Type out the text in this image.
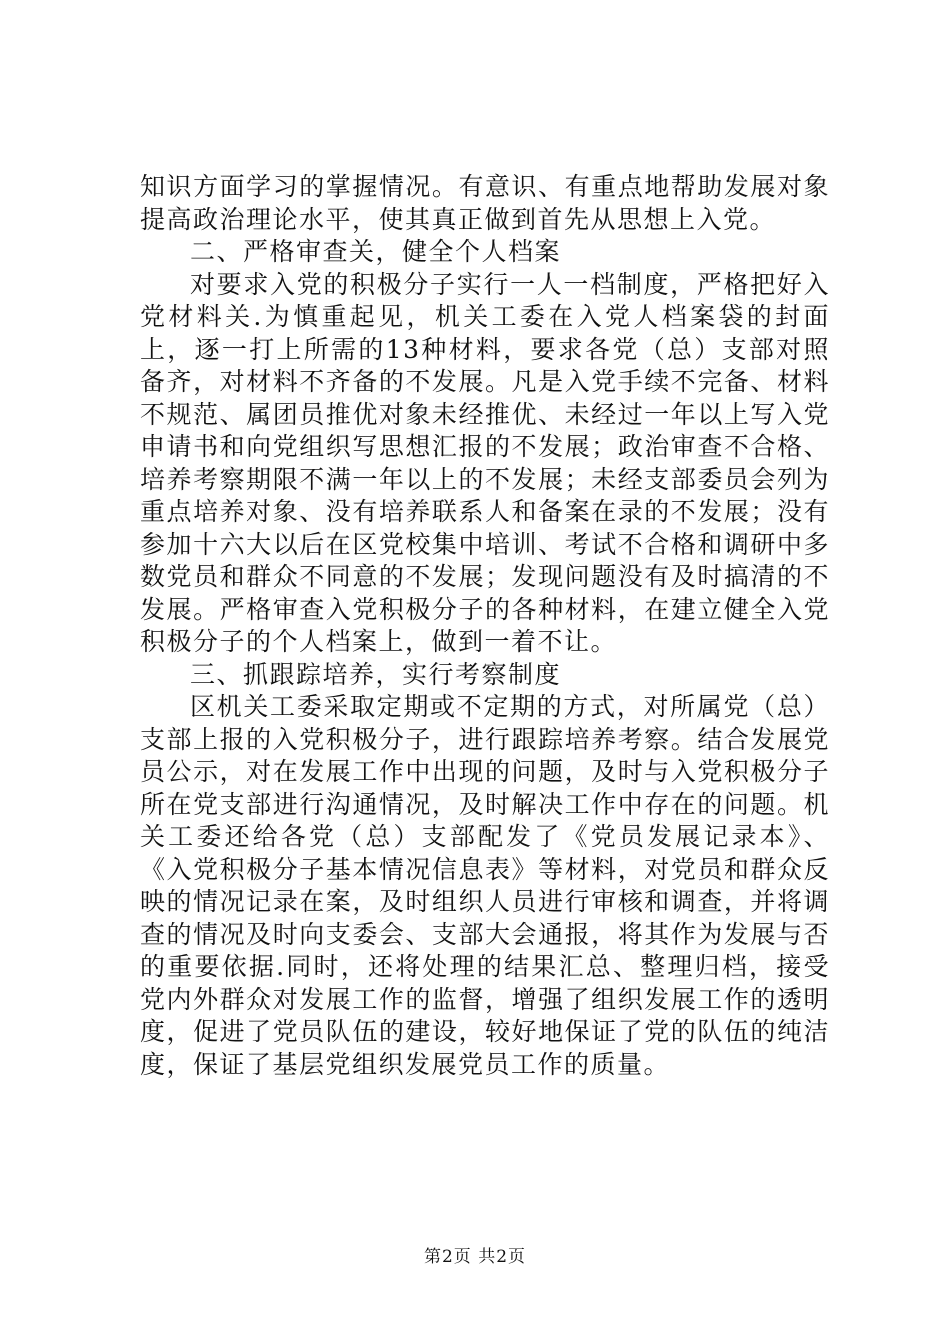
知识方面学习的掌握情况。有意识、有重点地帮助发展对象提高政治理论水平，使其真正做到首先从思想上入党。

二、严格审查关，健全个人档案

对要求入党的积极分子实行一人一档制度，严格把好入党材料关.为慎重起见，机关工委在入党人档案袋的封面上，逐一打上所需的13种材料，要求各党（总）支部对照备齐，对材料不齐备的不发展。凡是入党手续不完备、材料不规范、属团员推优对象未经推优、未经过一年以上写入党申请书和向党组织写思想汇报的不发展；政治审查不合格、培养考察期限不满一年以上的不发展；未经支部委员会列为重点培养对象、没有培养联系人和备案在录的不发展；没有参加十六大以后在区党校集中培训、考试不合格和调研中多数党员和群众不同意的不发展；发现问题没有及时搞清的不发展。严格审查入党积极分子的各种材料，在建立健全入党积极分子的个人档案上，做到一着不让。

三、抓跟踪培养，实行考察制度

区机关工委采取定期或不定期的方式，对所属党（总）支部上报的入党积极分子，进行跟踪培养考察。结合发展党员公示，对在发展工作中出现的问题，及时与入党积极分子所在党支部进行沟通情况，及时解决工作中存在的问题。机关工委还给各党（总）支部配发了《党员发展记录本》、《入党积极分子基本情况信息表》等材料，对党员和群众反映的情况记录在案，及时组织人员进行审核和调查，并将调查的情况及时向支委会、支部大会通报，将其作为发展与否的重要依据.同时，还将处理的结果汇总、整理归档，接受党内外群众对发展工作的监督，增强了组织发展工作的透明度，促进了党员队伍的建设，较好地保证了党的队伍的纯洁度，保证了基层党组织发展党员工作的质量。

第2页 共2页
